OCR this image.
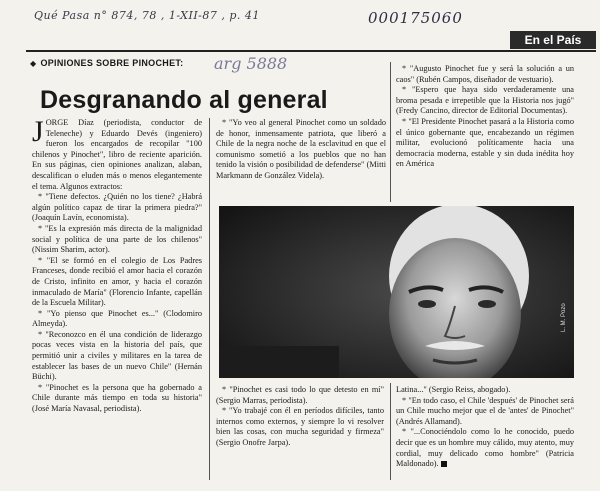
Qué Pasa n° 874, 78 , 1-XII-87 , p. 41	000175060
En el País
◆ OPINIONES SOBRE PINOCHET: arg 5888
Desgranando al general

JORGE Díaz (periodista, conductor de Teleneche) y Eduardo Devés (ingeniero) fueron los encargados de recopilar "100 chilenos y Pinochet", libro de reciente aparición. En sus páginas, cien opiniones analizan, alaban, descalifican o eluden más o menos elegantemente el tema. Algunos extractos:

* "Tiene defectos. ¿Quién no los tiene? ¿Habrá algún político capaz de tirar la primera piedra?" (Joaquín Lavín, economista).

* "Es la expresión más directa de la malignidad social y política de una parte de los chilenos" (Nissim Sharim, actor).

* "El se formó en el colegio de Los Padres Franceses, donde recibió el amor hacia el corazón de Cristo, infinito en amor, y hacia el corazón inmaculado de María" (Florencio Infante, capellán de la Escuela Militar).

* "Yo pienso que Pinochet es..." (Clodomiro Almeyda).

* "Reconozco en él una condición de liderazgo pocas veces vista en la historia del país, que permitió unir a civiles y militares en la tarea de establecer las bases de un nuevo Chile" (Hernán Büchi).

* "Pinochet es la persona que ha gobernado a Chile durante más tiempo en toda su historia" (José María Navasal, periodista).

* "Yo veo al general Pinochet como un soldado de honor, inmensamente patriota, que liberó a Chile de la negra noche de la esclavitud en que el comunismo sometió a los pueblos que no han tenido la visión o posibilidad de defenderse" (Mitti Markmann de González Videla).

* "Augusto Pinochet fue y será la solución a un caos" (Rubén Campos, diseñador de vestuario).

* "Espero que haya sido verdaderamente una broma pesada e irrepetible que la Historia nos jugó" (Fredy Cancino, director de Editorial Documentas).

* "El Presidente Pinochet pasará a la Historia como el único gobernante que, encabezando un régimen militar, evolucionó políticamente hacia una democracia moderna, estable y sin duda inédita hoy en América

L. M. Pozo

* "Pinochet es casi todo lo que detesto en mí" (Sergio Marras, periodista).

* "Yo trabajé con él en períodos difíciles, tanto internos como externos, y siempre lo vi resolver bien las cosas, con mucha seguridad y firmeza" (Sergio Onofre Jarpa).

Latina..." (Sergio Reiss, abogado).

* "En todo caso, el Chile 'después' de Pinochet será un Chile mucho mejor que el de 'antes' de Pinochet" (Andrés Allamand).

* "...Conociéndolo como lo he conocido, puedo decir que es un hombre muy cálido, muy atento, muy cordial, muy delicado como hombre" (Patricia Maldonado).
